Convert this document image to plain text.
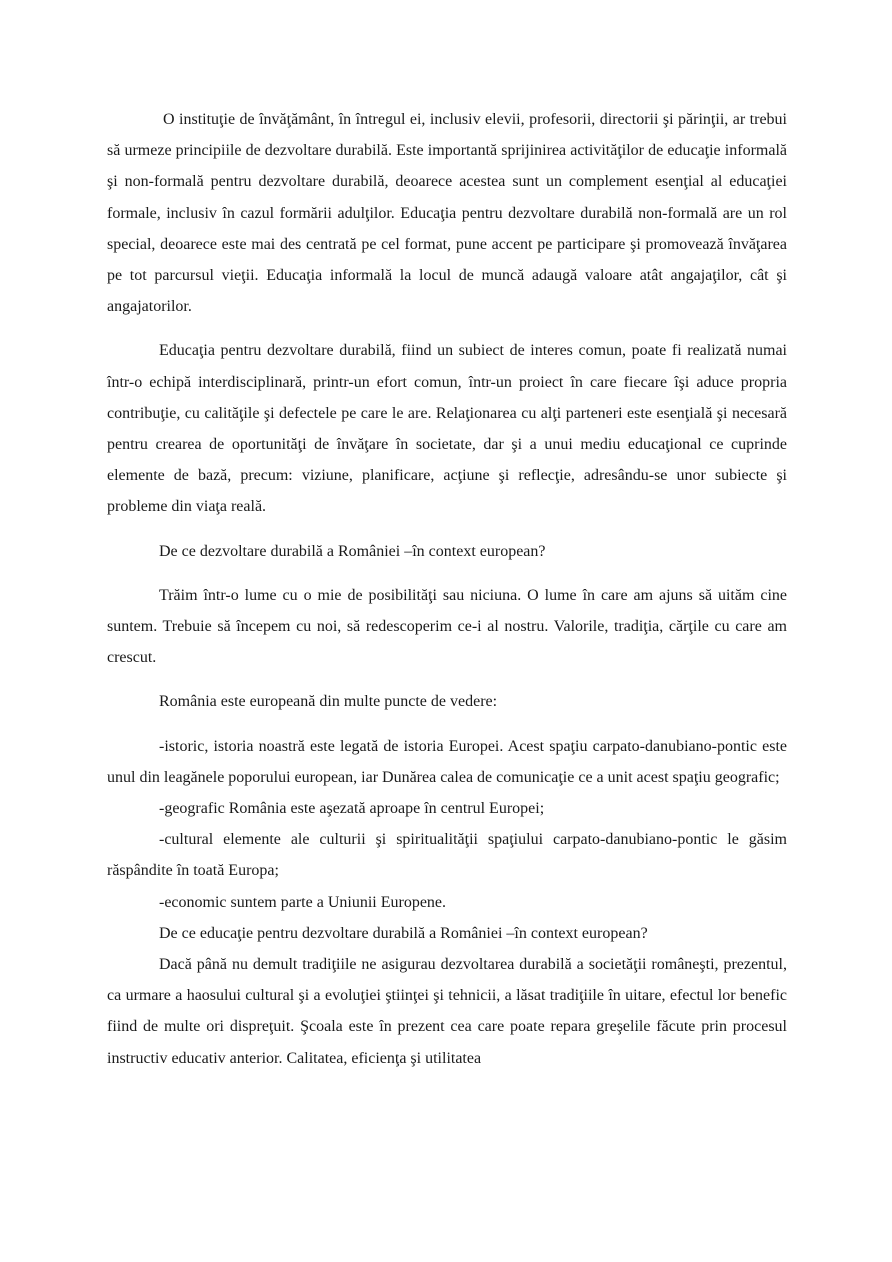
O instituţie de învăţământ, în întregul ei, inclusiv elevii, profesorii, directorii şi părinţii, ar trebui să urmeze principiile de dezvoltare durabilă. Este importantă sprijinirea activităţilor de educaţie informală şi non-formală pentru dezvoltare durabilă, deoarece acestea sunt un complement esenţial al educaţiei formale, inclusiv în cazul formării adulţilor. Educaţia pentru dezvoltare durabilă non-formală are un rol special, deoarece este mai des centrată pe cel format, pune accent pe participare şi promovează învăţarea pe tot parcursul vieţii. Educaţia informală la locul de muncă adaugă valoare atât angajaţilor, cât şi angajatorilor.

Educaţia pentru dezvoltare durabilă, fiind un subiect de interes comun, poate fi realizată numai într-o echipă interdisciplinară, printr-un efort comun, într-un proiect în care fiecare îşi aduce propria contribuţie, cu calităţile şi defectele pe care le are. Relaţionarea cu alţi parteneri este esenţială şi necesară pentru crearea de oportunităţi de învăţare în societate, dar şi a unui mediu educaţional ce cuprinde elemente de bază, precum: viziune, planificare, acţiune şi reflecţie, adresându-se unor subiecte şi probleme din viaţa reală.

De ce dezvoltare durabilă a României –în context european?

Trăim într-o lume cu o mie de posibilităţi sau niciuna. O lume în care am ajuns să uităm cine suntem. Trebuie să începem cu noi, să redescoperim ce-i al nostru. Valorile, tradiţia, cărţile cu care am crescut.

România este europeană din multe puncte de vedere:

-istoric, istoria noastră este legată de istoria Europei. Acest spaţiu carpato-danubiano-pontic este unul din leagănele poporului european, iar Dunărea calea de comunicaţie ce a unit acest spaţiu geografic;

-geografic România este aşezată aproape în centrul Europei;

-cultural elemente ale culturii şi spiritualităţii spaţiului carpato-danubiano-pontic le găsim răspândite în toată Europa;

-economic suntem parte a Uniunii Europene.

De ce educaţie pentru dezvoltare durabilă a României –în context european?

Dacă până nu demult tradiţiile ne asigurau dezvoltarea durabilă a societăţii româneşti, prezentul, ca urmare a haosului cultural şi a evoluţiei ştiinţei şi tehnicii, a lăsat tradiţiile în uitare, efectul lor benefic fiind de multe ori dispreţuit. Şcoala este în prezent cea care poate repara greşelile făcute prin procesul instructiv educativ anterior. Calitatea, eficienţa şi utilitatea
